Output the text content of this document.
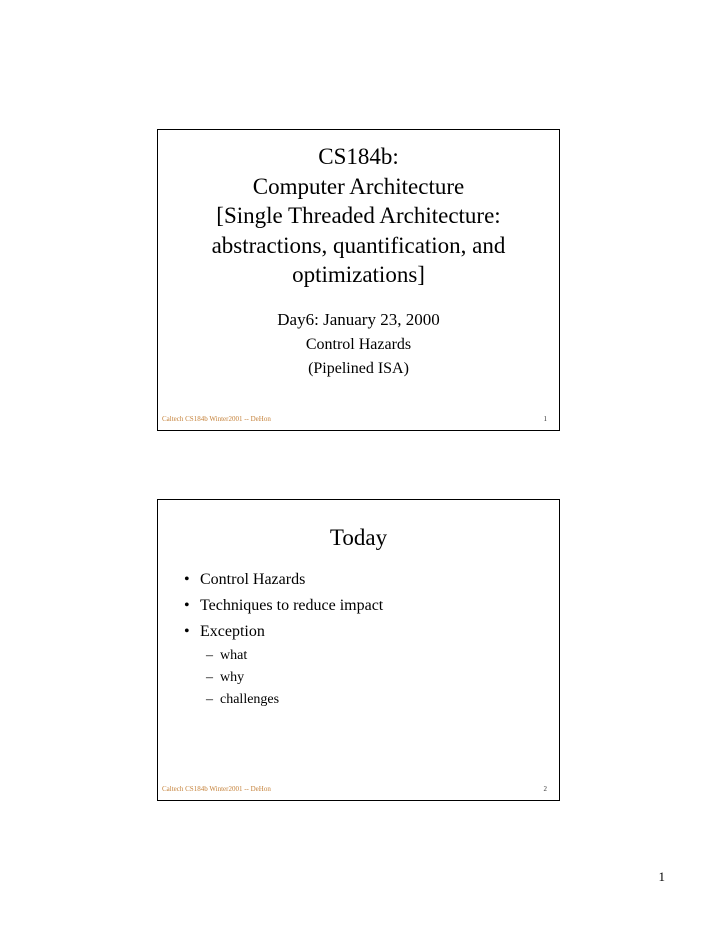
CS184b:
Computer Architecture
[Single Threaded Architecture:
abstractions, quantification, and
optimizations]
Day6: January 23, 2000
Control Hazards
(Pipelined ISA)
Caltech CS184b Winter2001 -- DeHon	1
Today
• Control Hazards
• Techniques to reduce impact
• Exception
– what
– why
– challenges
Caltech CS184b Winter2001 -- DeHon	2
1
